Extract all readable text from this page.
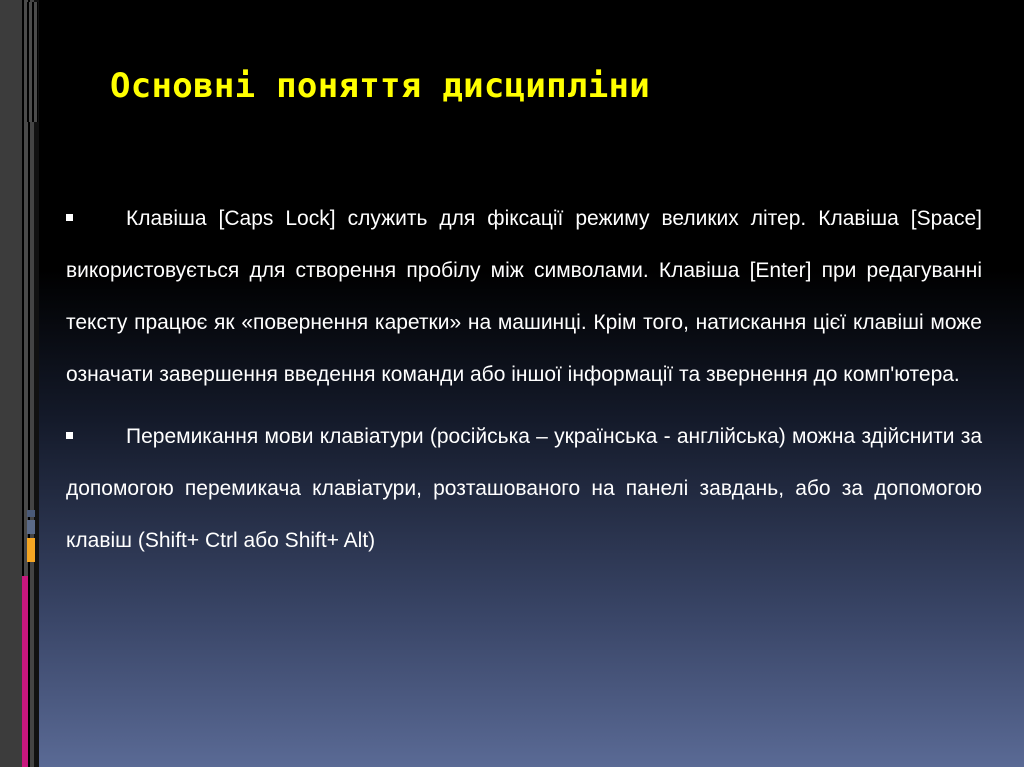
Основні поняття дисципліни
Клавіша [Caps Lock] служить для фіксації режиму великих літер. Клавіша [Space] використовується для створення пробілу між символами. Клавіша [Enter] при редагуванні тексту працює як «повернення каретки» на машинці. Крім того, натискання цієї клавіші може означати завершення введення команди або іншої інформації та звернення до комп'ютера.
Перемикання мови клавіатури (російська – українська - англійська) можна здійснити за допомогою перемикача клавіатури, розташованого на панелі завдань, або за допомогою клавіш (Shift+ Ctrl або Shift+ Alt)
